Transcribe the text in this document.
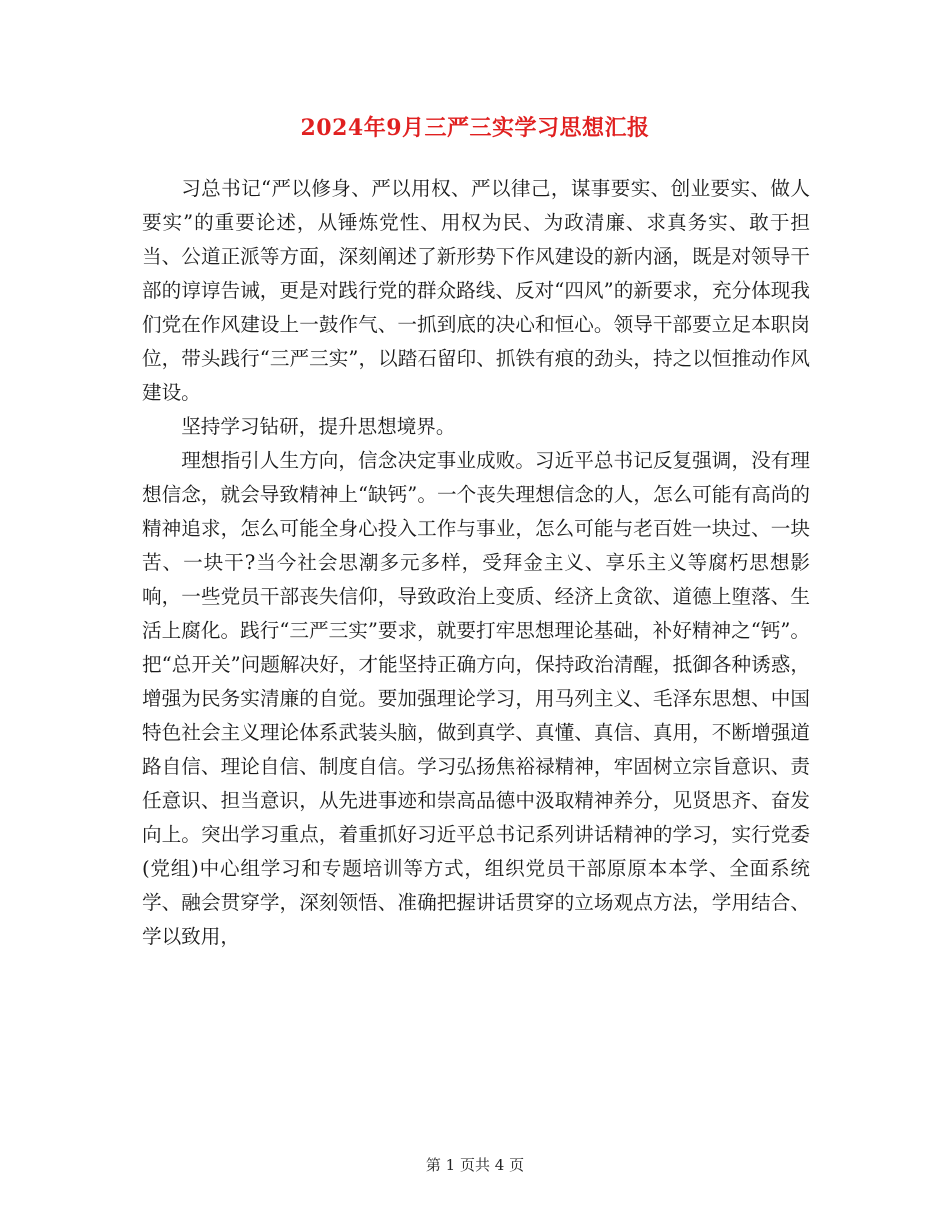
2024年9月三严三实学习思想汇报

习总书记“严以修身、严以用权、严以律己，谋事要实、创业要实、做人要实”的重要论述，从锤炼党性、用权为民、为政清廉、求真务实、敢于担当、公道正派等方面，深刻阐述了新形势下作风建设的新内涵，既是对领导干部的谆谆告诫，更是对践行党的群众路线、反对“四风”的新要求，充分体现我们党在作风建设上一鼓作气、一抓到底的决心和恒心。领导干部要立足本职岗位，带头践行“三严三实”，以踏石留印、抓铁有痕的劲头，持之以恒推动作风建设。

坚持学习钻研，提升思想境界。

理想指引人生方向，信念决定事业成败。习近平总书记反复强调，没有理想信念，就会导致精神上“缺钙”。一个丧失理想信念的人，怎么可能有高尚的精神追求，怎么可能全身心投入工作与事业，怎么可能与老百姓一块过、一块苦、一块干?当今社会思潮多元多样，受拜金主义、享乐主义等腐朽思想影响，一些党员干部丧失信仰，导致政治上变质、经济上贪欲、道德上堕落、生活上腐化。践行“三严三实”要求，就要打牢思想理论基础，补好精神之“钙”。把“总开关”问题解决好，才能坚持正确方向，保持政治清醒，抵御各种诱惑，增强为民务实清廉的自觉。要加强理论学习，用马列主义、毛泽东思想、中国特色社会主义理论体系武装头脑，做到真学、真懂、真信、真用，不断增强道路自信、理论自信、制度自信。学习弘扬焦裕禄精神，牢固树立宗旨意识、责任意识、担当意识，从先进事迹和崇高品德中汲取精神养分，见贤思齐、奋发向上。突出学习重点，着重抓好习近平总书记系列讲话精神的学习，实行党委(党组)中心组学习和专题培训等方式，组织党员干部原原本本学、全面系统学、融会贯穿学，深刻领悟、准确把握讲话贯穿的立场观点方法，学用结合、学以致用，

第 1 页共 4 页
